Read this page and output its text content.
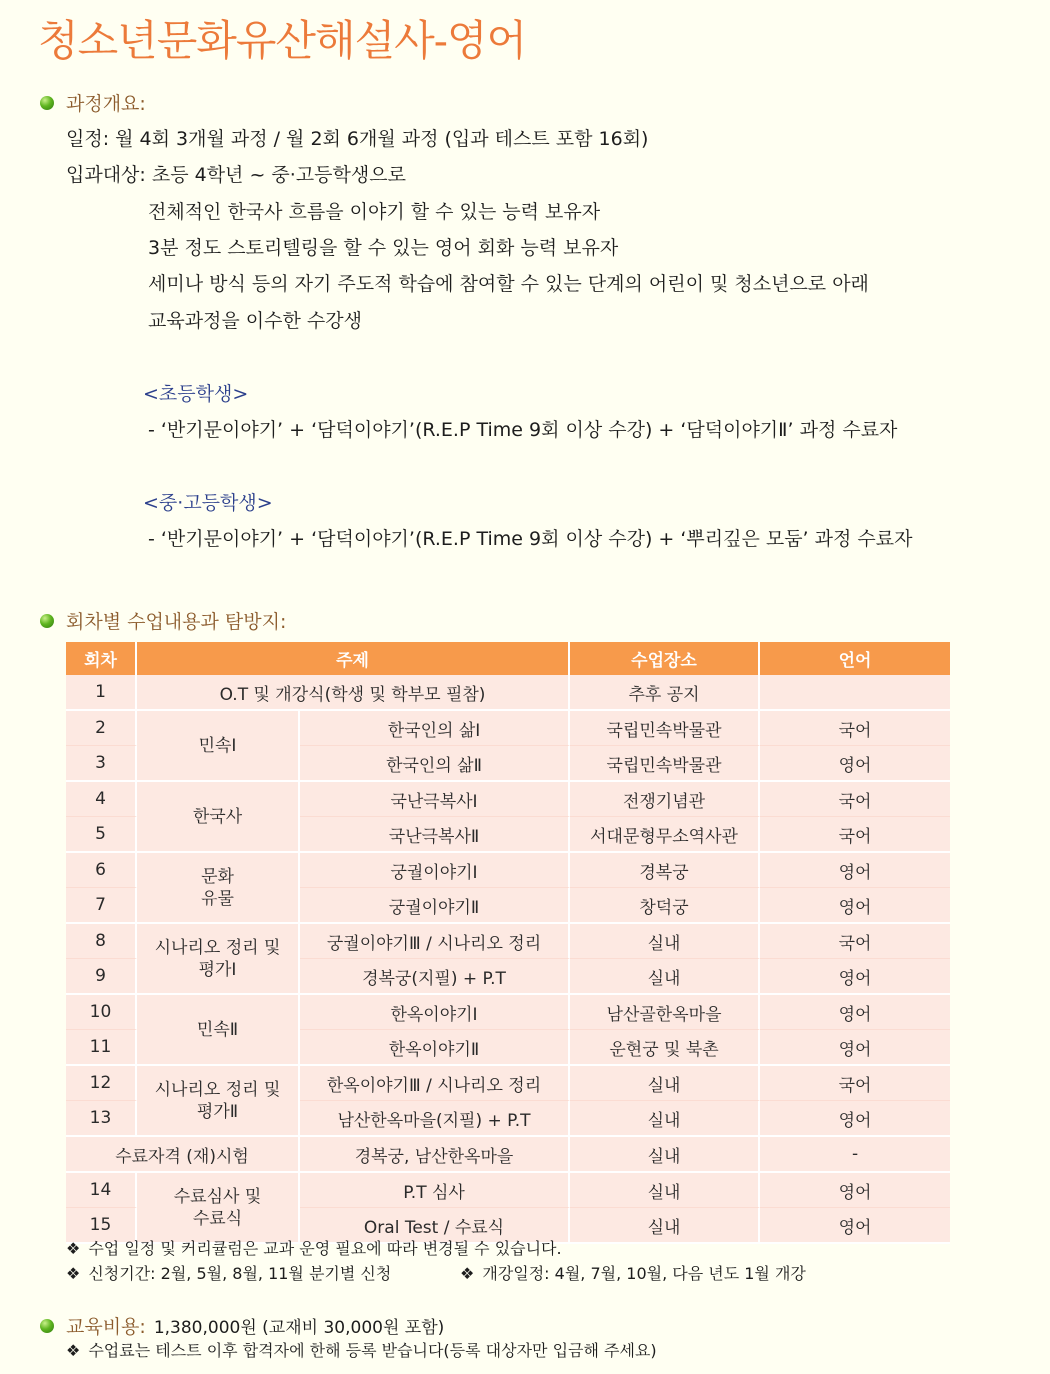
청소년문화유산해설사-영어
과정개요:
일정: 월 4회 3개월 과정 / 월 2회 6개월 과정 (입과 테스트 포함 16회)
입과대상: 초등 4학년 ~ 중·고등학생으로
전체적인 한국사 흐름을 이야기 할 수 있는 능력 보유자
3분 정도 스토리텔링을 할 수 있는 영어 회화 능력 보유자
세미나 방식 등의 자기 주도적 학습에 참여할 수 있는 단계의 어린이 및 청소년으로 아래
교육과정을 이수한 수강생
<초등학생>
- ‘반기문이야기’ + ‘담덕이야기’(R.E.P Time 9회 이상 수강) + ‘담덕이야기Ⅱ’ 과정 수료자
<중·고등학생>
- ‘반기문이야기’ + ‘담덕이야기’(R.E.P Time 9회 이상 수강) + ‘뿌리깊은 모둠’ 과정 수료자
회차별 수업내용과 탐방지:
회차	주제		수업장소	언어
1	O.T 및 개강식(학생 및 학부모 필참)		추후 공지	
2	민속Ⅰ	한국인의 삶Ⅰ	국립민속박물관	국어
3		한국인의 삶Ⅱ	국립민속박물관	영어
4	한국사	국난극복사Ⅰ	전쟁기념관	국어
5		국난극복사Ⅱ	서대문형무소역사관	국어
6	문화
유물	궁궐이야기Ⅰ	경복궁	영어
7		궁궐이야기Ⅱ	창덕궁	영어
8	시나리오 정리 및
평가Ⅰ	궁궐이야기Ⅲ / 시나리오 정리	실내	국어
9		경복궁(지필) + P.T	실내	영어
10	민속Ⅱ	한옥이야기Ⅰ	남산골한옥마을	영어
11		한옥이야기Ⅱ	운현궁 및 북촌	영어
12	시나리오 정리 및
평가Ⅱ	한옥이야기Ⅲ / 시나리오 정리	실내	국어
13		남산한옥마을(지필) + P.T	실내	영어
수료자격 (재)시험		경복궁, 남산한옥마을	실내	-
14	수료심사 및
수료식	P.T 심사	실내	영어
15		Oral Test / 수료식	실내	영어
❖ 수업 일정 및 커리큘럼은 교과 운영 필요에 따라 변경될 수 있습니다.
❖ 신청기간: 2월, 5월, 8월, 11월 분기별 신청	❖ 개강일정: 4월, 7월, 10월, 다음 년도 1월 개강
교육비용: 1,380,000원 (교재비 30,000원 포함)
❖ 수업료는 테스트 이후 합격자에 한해 등록 받습니다(등록 대상자만 입금해 주세요)
